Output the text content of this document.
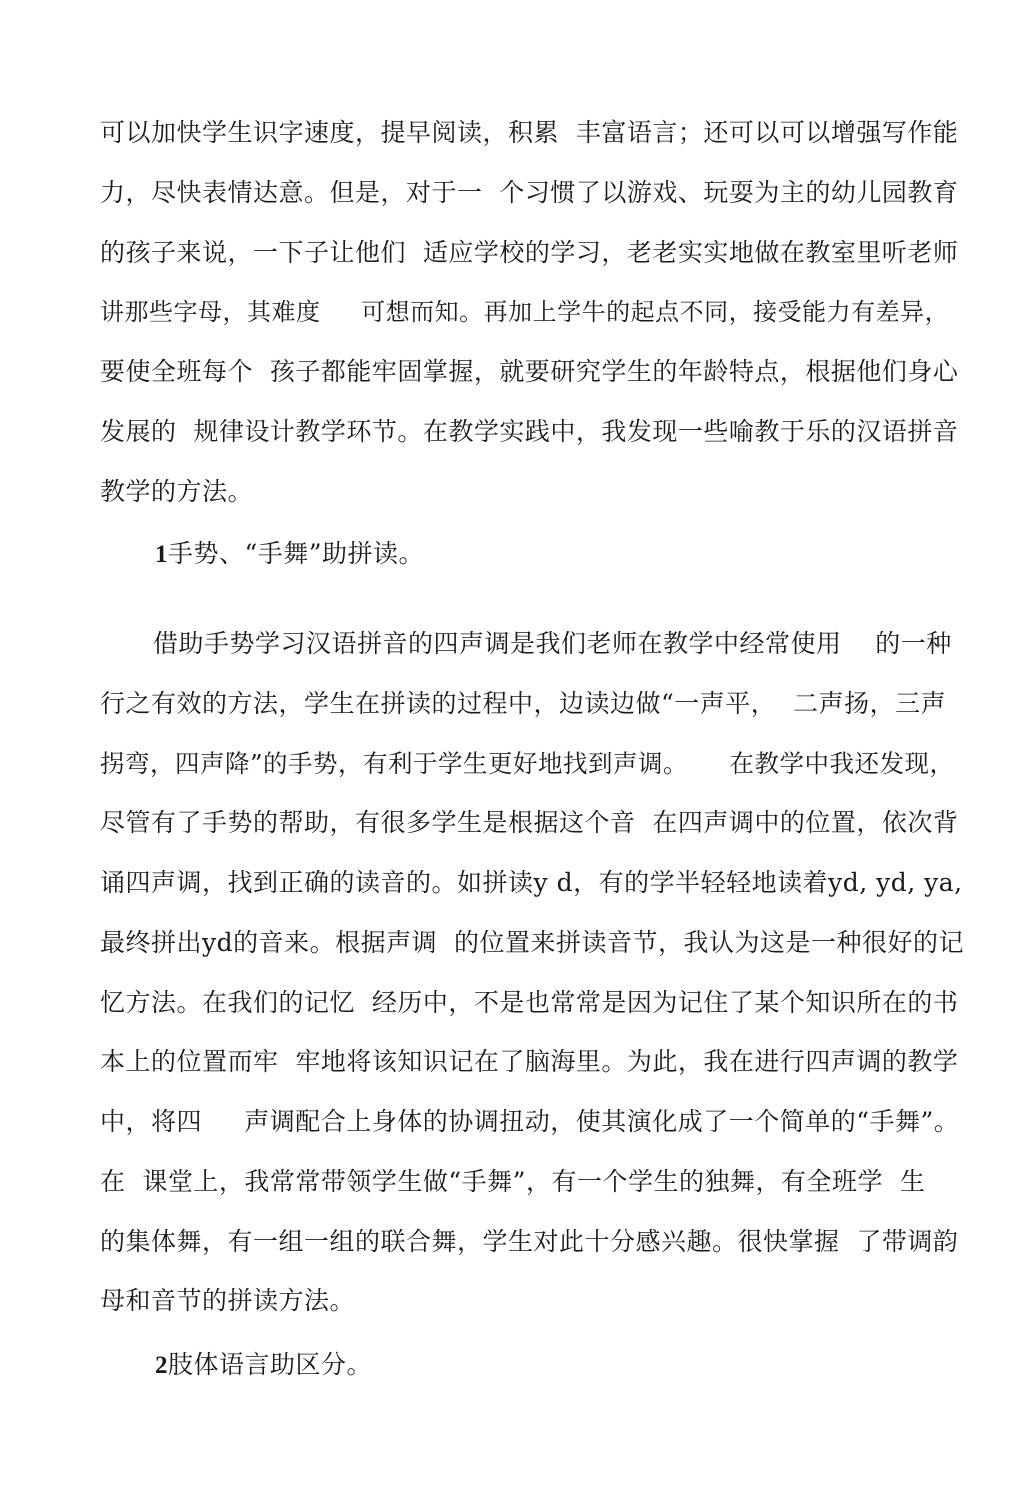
可以加快学生识字速度，提早阅读，积累  丰富语言；还可以可以增强写作能
力，尽快表情达意。但是，对于一  个习惯了以游戏、玩耍为主的幼儿园教育
的孩子来说，一下子让他们  适应学校的学习，老老实实地做在教室里听老师
讲那些字母，其难度     可想而知。再加上学牛的起点不同，接受能力有差异，
要使全班每个  孩子都能牢固掌握，就要研究学生的年龄特点，根据他们身心
发展的  规律设计教学环节。在教学实践中，我发现一些喻教于乐的汉语拼音
教学的方法。
1手势、“手舞”助拼读。
借助手势学习汉语拼音的四声调是我们老师在教学中经常使用    的一种
行之有效的方法，学生在拼读的过程中，边读边做“一声平，  二声扬，三声
拐弯，四声降”的手势，有利于学生更好地找到声调。     在教学中我还发现，
尽管有了手势的帮助，有很多学生是根据这个音  在四声调中的位置，依次背
诵四声调，找到正确的读音的。如拼读y d，有的学半轻轻地读着yd, yd, ya,
最终拼出yd的音来。根据声调  的位置来拼读音节，我认为这是一种很好的记
忆方法。在我们的记忆  经历中，不是也常常是因为记住了某个知识所在的书
本上的位置而牢  牢地将该知识记在了脑海里。为此，我在进行四声调的教学
中，将四     声调配合上身体的协调扭动，使其演化成了一个简单的“手舞”。
在  课堂上，我常常带领学生做“手舞”，有一个学生的独舞，有全班学  生
的集体舞，有一组一组的联合舞，学生对此十分感兴趣。很快掌握  了带调韵
母和音节的拼读方法。
2肢体语言助区分。
